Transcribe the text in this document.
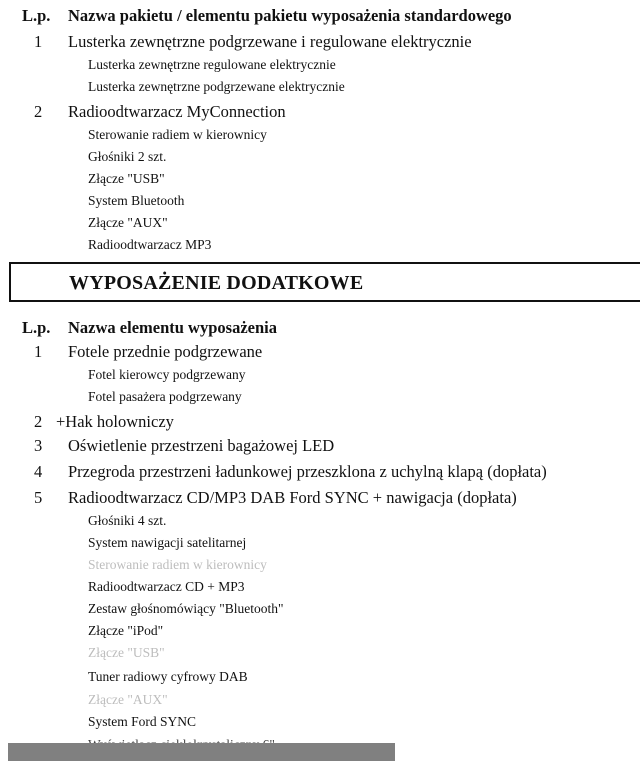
L.p. Nazwa pakietu / elementu pakietu wyposażenia standardowego
1 Lusterka zewnętrzne podgrzewane i regulowane elektrycznie
Lusterka zewnętrzne regulowane elektrycznie
Lusterka zewnętrzne podgrzewane elektrycznie
2 Radioodtwarzacz MyConnection
Sterowanie radiem w kierownicy
Głośniki 2 szt.
Złącze "USB"
System Bluetooth
Złącze "AUX"
Radioodtwarzacz MP3
WYPOSAŻENIE DODATKOWE
L.p. Nazwa elementu wyposażenia
1 Fotele przednie podgrzewane
Fotel kierowcy podgrzewany
Fotel pasażera podgrzewany
2 +Hak holowniczy
3 Oświetlenie przestrzeni bagażowej LED
4 Przegroda przestrzeni ładunkowej przeszklona z uchylną klapą (dopłata)
5 Radioodtwarzacz CD/MP3 DAB Ford SYNC + nawigacja (dopłata)
Głośniki 4 szt.
System nawigacji satelitarnej
Sterowanie radiem w kierownicy
Radioodtwarzacz CD + MP3
Zestaw głośnomówiący "Bluetooth"
Złącze "iPod"
Złącze "USB"
Tuner radiowy cyfrowy DAB
Złącze "AUX"
System Ford SYNC
